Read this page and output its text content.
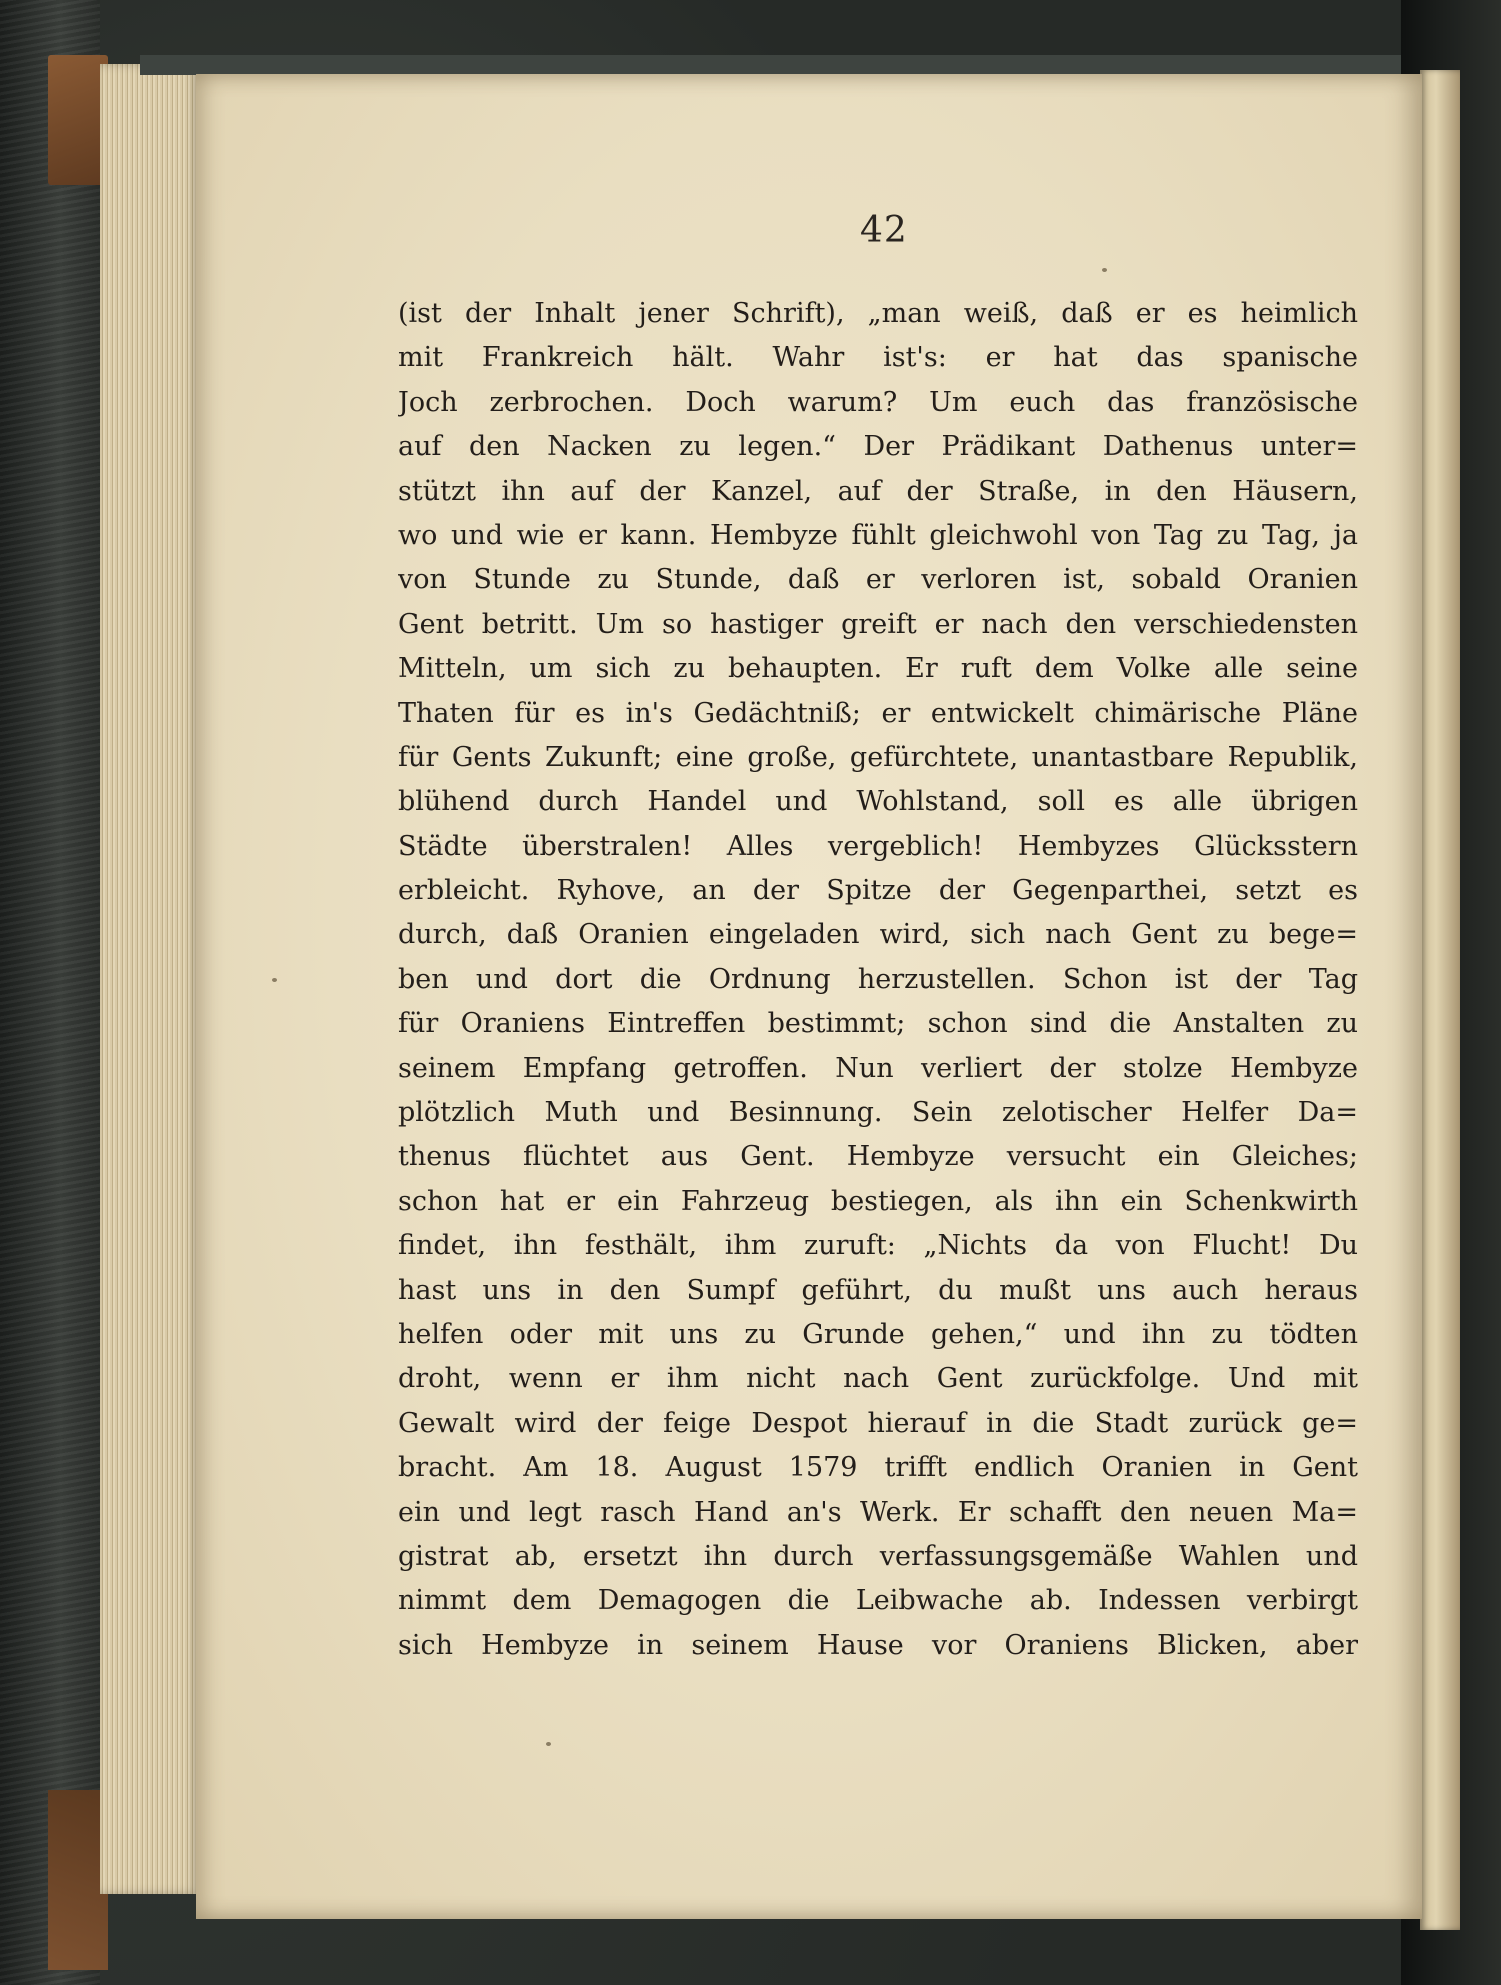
42
(ist der Inhalt jener Schrift), „man weiß, daß er es heimlich
mit Frankreich hält. Wahr ist's: er hat das spanische
Joch zerbrochen. Doch warum? Um euch das französische
auf den Nacken zu legen.“ Der Prädikant Dathenus unter=
stützt ihn auf der Kanzel, auf der Straße, in den Häusern,
wo und wie er kann. Hembyze fühlt gleichwohl von Tag zu Tag, ja
von Stunde zu Stunde, daß er verloren ist, sobald Oranien
Gent betritt. Um so hastiger greift er nach den verschiedensten
Mitteln, um sich zu behaupten. Er ruft dem Volke alle seine
Thaten für es in's Gedächtniß; er entwickelt chimärische Pläne
für Gents Zukunft; eine große, gefürchtete, unantastbare Republik,
blühend durch Handel und Wohlstand, soll es alle übrigen
Städte überstralen! Alles vergeblich! Hembyzes Glücksstern
erbleicht. Ryhove, an der Spitze der Gegenparthei, setzt es
durch, daß Oranien eingeladen wird, sich nach Gent zu bege=
ben und dort die Ordnung herzustellen. Schon ist der Tag
für Oraniens Eintreffen bestimmt; schon sind die Anstalten zu
seinem Empfang getroffen. Nun verliert der stolze Hembyze
plötzlich Muth und Besinnung. Sein zelotischer Helfer Da=
thenus flüchtet aus Gent. Hembyze versucht ein Gleiches;
schon hat er ein Fahrzeug bestiegen, als ihn ein Schenkwirth
findet, ihn festhält, ihm zuruft: „Nichts da von Flucht! Du
hast uns in den Sumpf geführt, du mußt uns auch heraus
helfen oder mit uns zu Grunde gehen,“ und ihn zu tödten
droht, wenn er ihm nicht nach Gent zurückfolge. Und mit
Gewalt wird der feige Despot hierauf in die Stadt zurück ge=
bracht. Am 18. August 1579 trifft endlich Oranien in Gent
ein und legt rasch Hand an's Werk. Er schafft den neuen Ma=
gistrat ab, ersetzt ihn durch verfassungsgemäße Wahlen und
nimmt dem Demagogen die Leibwache ab. Indessen verbirgt
sich Hembyze in seinem Hause vor Oraniens Blicken, aber
